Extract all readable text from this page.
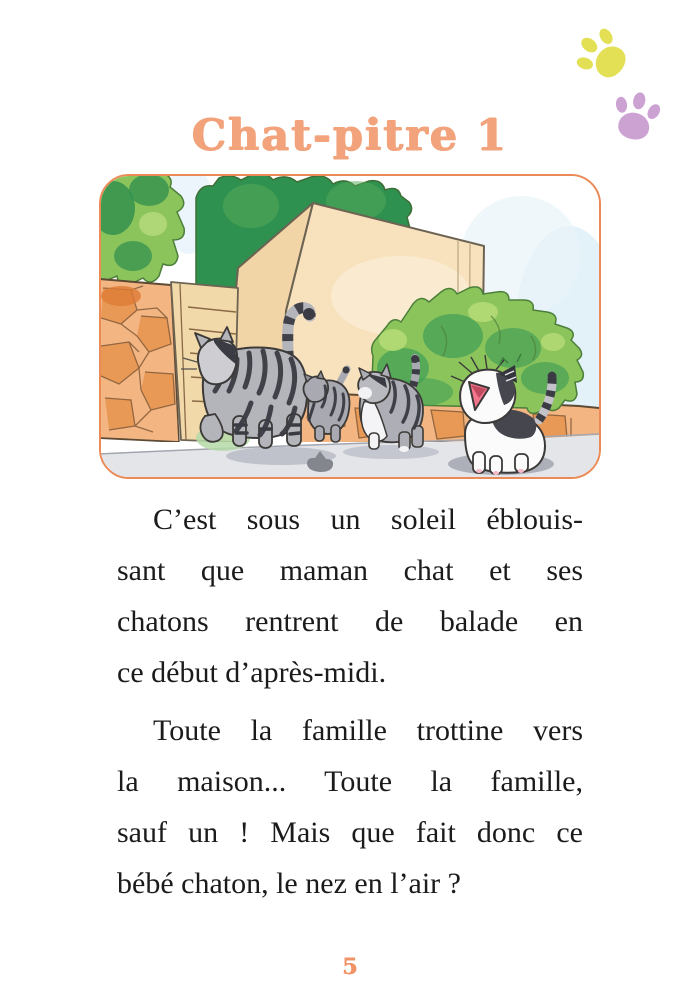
Chat-pitre 1
C’est sous un soleil éblouis-
sant que maman chat et ses
chatons rentrent de balade en
ce début d’après-midi.
Toute la famille trottine vers
la maison... Toute la famille,
sauf un ! Mais que fait donc ce
bébé chaton, le nez en l’air ?
5
